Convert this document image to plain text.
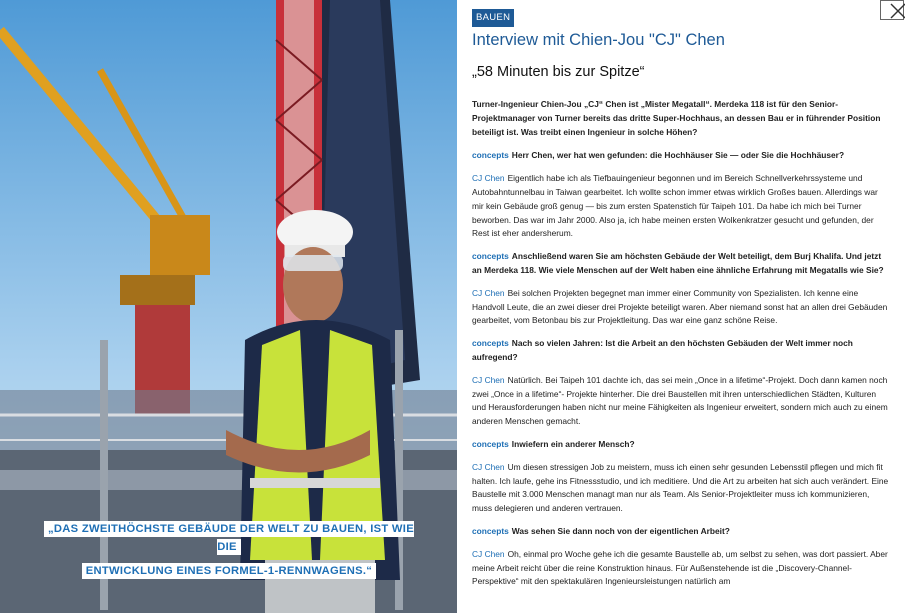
„DAS ZWEITHÖCHSTE GEBÄUDE DER WELT ZU BAUEN, IST WIE DIE
ENTWICKLUNG EINES FORMEL-1-RENNWAGENS.“
BAUEN
Interview mit Chien-Jou "CJ" Chen
„58 Minuten bis zur Spitze“

Turner-Ingenieur Chien-Jou „CJ“ Chen ist „Mister Megatall“. Merdeka 118 ist für den Senior-Projektmanager von Turner bereits das dritte Super-Hochhaus, an dessen Bau er in führender Position beteiligt ist. Was treibt einen Ingenieur in solche Höhen?

concepts Herr Chen, wer hat wen gefunden: die Hochhäuser Sie — oder Sie die Hochhäuser?

CJ Chen Eigentlich habe ich als Tiefbauingenieur begonnen und im Bereich Schnellverkehrssysteme und Autobahntunnelbau in Taiwan gearbeitet. Ich wollte schon immer etwas wirklich Großes bauen. Allerdings war mir kein Gebäude groß genug — bis zum ersten Spatenstich für Taipeh 101. Da habe ich mich bei Turner beworben. Das war im Jahr 2000. Also ja, ich habe meinen ersten Wolkenkratzer gesucht und gefunden, der Rest ist eher andersherum.

concepts Anschließend waren Sie am höchsten Gebäude der Welt beteiligt, dem Burj Khalifa. Und jetzt an Merdeka 118. Wie viele Menschen auf der Welt haben eine ähnliche Erfahrung mit Megatalls wie Sie?

CJ Chen Bei solchen Projekten begegnet man immer einer Community von Spezialisten. Ich kenne eine Handvoll Leute, die an zwei dieser drei Projekte beteiligt waren. Aber niemand sonst hat an allen drei Gebäuden gearbeitet, vom Betonbau bis zur Projektleitung. Das war eine ganz schöne Reise.

concepts Nach so vielen Jahren: Ist die Arbeit an den höchsten Gebäuden der Welt immer noch aufregend?

CJ Chen Natürlich. Bei Taipeh 101 dachte ich, das sei mein „Once in a lifetime“-Projekt. Doch dann kamen noch zwei „Once in a lifetime“- Projekte hinterher. Die drei Baustellen mit ihren unterschiedlichen Städten, Kulturen und Herausforderungen haben nicht nur meine Fähigkeiten als Ingenieur erweitert, sondern mich auch zu einem anderen Menschen gemacht.

concepts Inwiefern ein anderer Mensch?

CJ Chen Um diesen stressigen Job zu meistern, muss ich einen sehr gesunden Lebensstil pflegen und mich fit halten. Ich laufe, gehe ins Fitnessstudio, und ich meditiere. Und die Art zu arbeiten hat sich auch verändert. Eine Baustelle mit 3.000 Menschen managt man nur als Team. Als Senior-Projektleiter muss ich kommunizieren, muss delegieren und anderen vertrauen.

concepts Was sehen Sie dann noch von der eigentlichen Arbeit?

CJ Chen Oh, einmal pro Woche gehe ich die gesamte Baustelle ab, um selbst zu sehen, was dort passiert. Aber meine Arbeit reicht über die reine Konstruktion hinaus. Für Außenstehende ist die „Discovery-Channel-Perspektive“ mit den spektakulären Ingenieursleistungen natürlich am
